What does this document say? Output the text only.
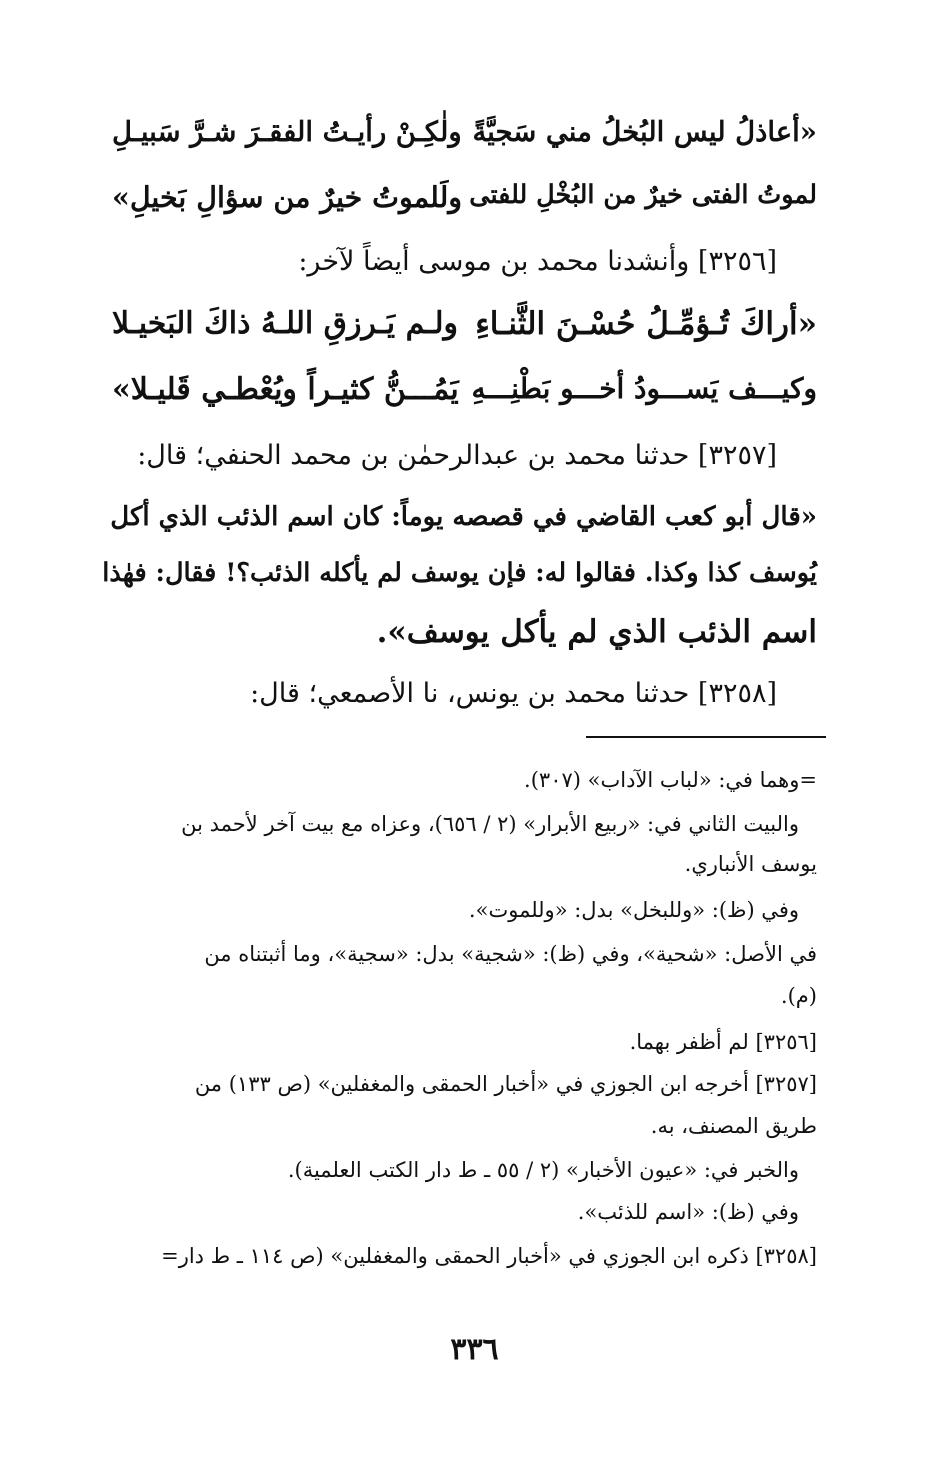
«أعاذلُ ليس البُخلُ مني سَجيَّةً
ولٰكِـنْ رأيـتُ الفقـرَ شـرَّ سَبيـلِ
لموتُ الفتى خيرٌ من البُخْلِ للفتى
ولَلموتُ خيرٌ من سؤالِ بَخيلِ»
[٣٢٥٦] وأنشدنا محمد بن موسى أيضاً لآخر:
«أراكَ تُـؤمِّـلُ حُسْـنَ الثَّنـاءِ
ولـم يَـرزقِ اللـهُ ذاكَ البَخيـلا
وكيـــف يَســـودُ أخـــو بَطْنِـــهِ
يَمُـــنُّ كثيـراً ويُعْطـي قَليـلا»
[٣٢٥٧] حدثنا محمد بن عبدالرحمٰن بن محمد الحنفي؛ قال:
«قال أبو كعب القاضي في قصصه يوماً: كان اسم الذئب الذي أكل
يُوسف كذا وكذا. فقالوا له: فإن يوسف لم يأكله الذئب؟! فقال: فهٰذا
اسم الذئب الذي لم يأكل يوسف».
[٣٢٥٨] حدثنا محمد بن يونس، نا الأصمعي؛ قال:
=وهما في: «لباب الآداب» (٣٠٧).
والبيت الثاني في: «ربيع الأبرار» (٢ / ٦٥٦)، وعزاه مع بيت آخر لأحمد بن
يوسف الأنباري.
وفي (ظ): «وللبخل» بدل: «وللموت».
في الأصل: «شحية»، وفي (ظ): «شجية» بدل: «سجية»، وما أثبتناه من
(م).
[٣٢٥٦] لم أظفر بهما.
[٣٢٥٧] أخرجه ابن الجوزي في «أخبار الحمقى والمغفلين» (ص ١٣٣) من
طريق المصنف، به.
والخبر في: «عيون الأخبار» (٢ / ٥٥ ـ ط دار الكتب العلمية).
وفي (ظ): «اسم للذئب».
[٣٢٥٨] ذكره ابن الجوزي في «أخبار الحمقى والمغفلين» (ص ١١٤ ـ ط دار=
٣٣٦
